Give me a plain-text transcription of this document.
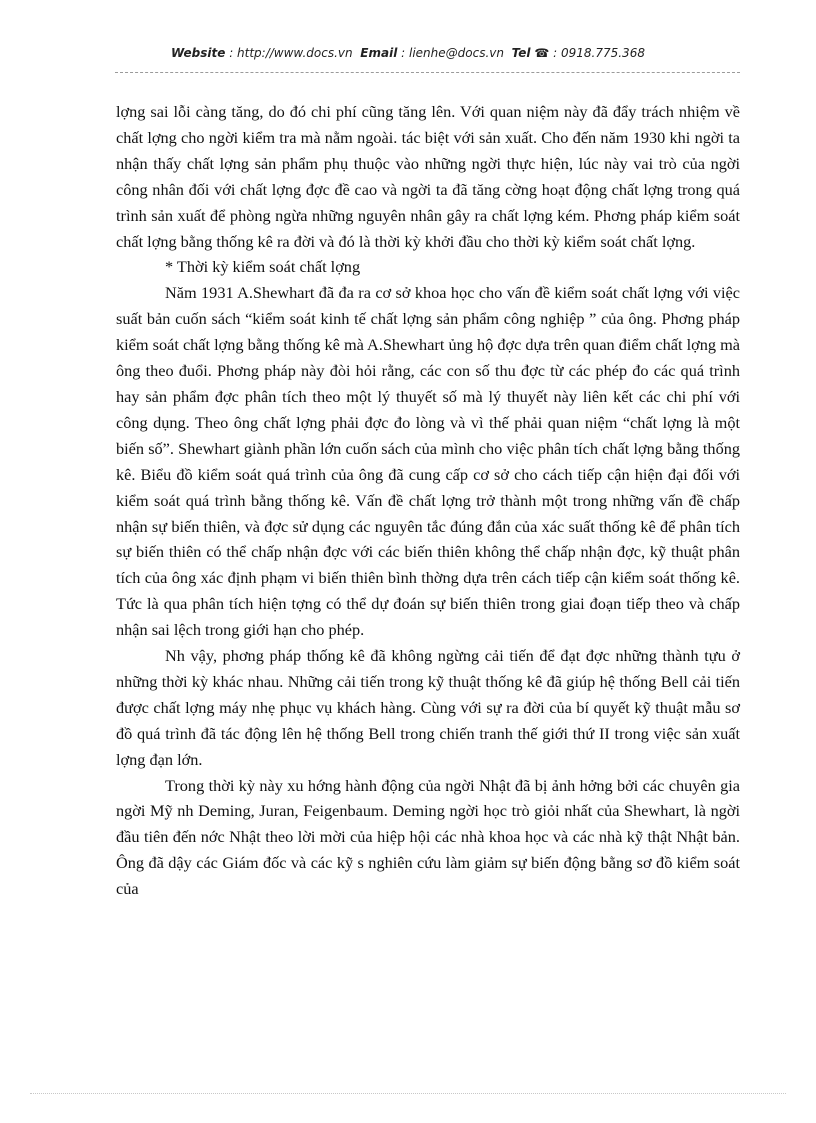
Website : http://www.docs.vn Email : lienhe@docs.vn Tel ☎ : 0918.775.368

lợng sai lỗi càng tăng, do đó chi phí cũng tăng lên. Với quan niệm này đã đẩy trách nhiệm về chất lợng cho ngời kiểm tra mà nằm ngoài. tác biệt với sản xuất. Cho đến năm 1930 khi ngời ta nhận thấy chất lợng sản phẩm phụ thuộc vào những ngời thực hiện, lúc này vai trò của ngời công nhân đối với chất lợng đợc đề cao và ngời ta đã tăng cờng hoạt động chất lợng trong quá trình sản xuất để phòng ngừa những nguyên nhân gây ra chất lợng kém. Phơng pháp kiểm soát chất lợng bằng thống kê ra đời và đó là thời kỳ khởi đầu cho thời kỳ kiểm soát chất lợng.

* Thời kỳ kiểm soát chất lợng

Năm 1931 A.Shewhart đã đa ra cơ sở khoa học cho vấn đề kiểm soát chất lợng với việc suất bản cuốn sách “kiểm soát kinh tế chất lợng sản phẩm công nghiệp ” của ông. Phơng pháp kiểm soát chất lợng bằng thống kê mà A.Shewhart ủng hộ đợc dựa trên quan điểm chất lợng mà ông theo đuổi. Phơng pháp này đòi hỏi rằng, các con số thu đợc từ các phép đo các quá trình hay sản phẩm đợc phân tích theo một lý thuyết số mà lý thuyết này liên kết các chi phí với công dụng. Theo ông chất lợng phải đợc đo lòng và vì thế phải quan niệm “chất lợng là một biến số”. Shewhart giành phần lớn cuốn sách của mình cho việc phân tích chất lợng bằng thống kê. Biểu đồ kiểm soát quá trình của ông đã cung cấp cơ sở cho cách tiếp cận hiện đại đối với kiểm soát quá trình bằng thống kê. Vấn đề chất lợng trở thành một trong những vấn đề chấp nhận sự biến thiên, và đợc sử dụng các nguyên tắc đúng đắn của xác suất thống kê để phân tích sự biến thiên có thể chấp nhận đợc với các biến thiên không thể chấp nhận đợc, kỹ thuật phân tích của ông xác định phạm vi biến thiên bình thờng dựa trên cách tiếp cận kiểm soát thống kê. Tức là qua phân tích hiện tợng có thể dự đoán sự biến thiên trong giai đoạn tiếp theo và chấp nhận sai lệch trong giới hạn cho phép.

Nh vậy, phơng pháp thống kê đã không ngừng cải tiến để đạt đợc những thành tựu ở những thời kỳ khác nhau. Những cải tiến trong kỹ thuật thống kê đã giúp hệ thống Bell cải tiến được chất lợng máy nhẹ phục vụ khách hàng. Cùng với sự ra đời của bí quyết kỹ thuật mẫu sơ đồ quá trình đã tác động lên hệ thống Bell trong chiến tranh thế giới thứ II trong việc sản xuất lợng đạn lớn.

Trong thời kỳ này xu hớng hành động của ngời Nhật đã bị ảnh hởng bởi các chuyên gia ngời Mỹ nh Deming, Juran, Feigenbaum. Deming ngời học trò giỏi nhất của Shewhart, là ngời đầu tiên đến nớc Nhật theo lời mời của hiệp hội các nhà khoa học và các nhà kỹ thật Nhật bản. Ông đã dậy các Giám đốc và các kỹ s nghiên cứu làm giảm sự biến động bằng sơ đồ kiểm soát của
